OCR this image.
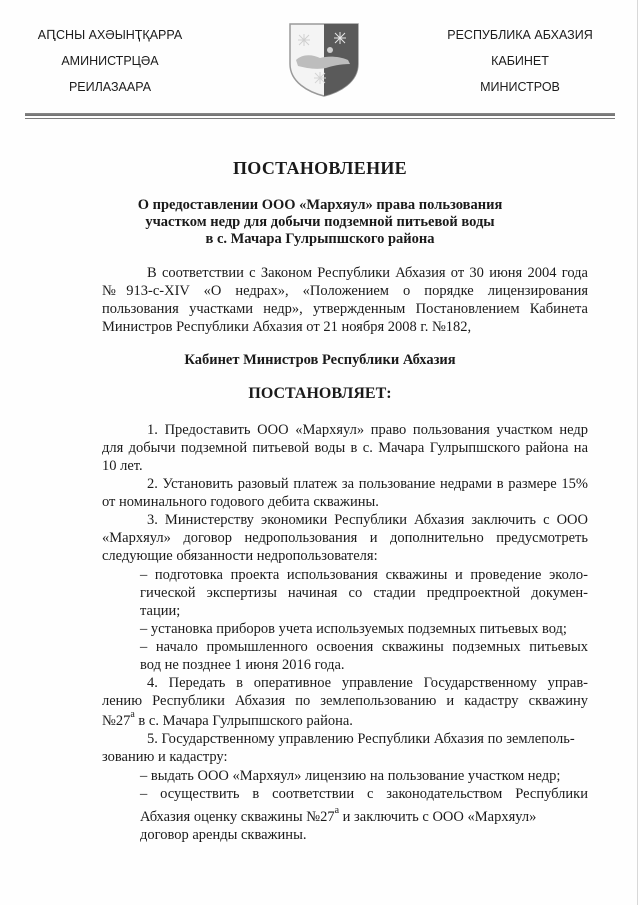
АԤСНЫ АХӘЫНҬҚАРРА
АМИНИСТРЦӘА
РЕИЛАЗААРА
РЕСПУБЛИКА АБХАЗИЯ
КАБИНЕТ
МИНИСТРОВ
ПОСТАНОВЛЕНИЕ
О предоставлении ООО «Мархяул» права пользования
участком недр для добычи подземной питьевой воды
в с. Мачара Гулрыпшского района
В соответствии с Законом Республики Абхазия от 30 июня 2004 года №913-с-XIV «О недрах», «Положением о порядке лицензирования пользования участками недр», утвержденным Постановлением Кабинета Министров Республики Абхазия от 21 ноября 2008 г. №182,
Кабинет Министров Республики Абхазия
ПОСТАНОВЛЯЕТ:
1. Предоставить ООО «Мархяул» право пользования участком недр для добычи подземной питьевой воды в с. Мачара Гулрыпшского района на 10 лет.
2. Установить разовый платеж за пользование недрами в размере 15% от номинального годового дебита скважины.
3. Министерству экономики Республики Абхазия заключить с ООО «Мархяул» договор недропользования и дополнительно предусмотреть следующие обязанности недропользователя:
– подготовка проекта использования скважины и проведение эколо-
гической экспертизы начиная со стадии предпроектной докумен-
тации;
– установка приборов учета используемых подземных питьевых вод;
– начало промышленного освоения скважины подземных питьевых
вод не позднее 1 июня 2016 года.
4. Передать в оперативное управление Государственному управ-
лению Республики Абхазия по землепользованию и кадастру скважину
$№27^а$ в с. Мачара Гулрыпшского района.
5. Государственному управлению Республики Абхазия по землеполь-
зованию и кадастру:
– выдать ООО «Мархяул» лицензию на пользование участком недр;
– осуществить в соответствии с законодательством Республики
Абхазия оценку скважины $№27^а$ и заключить с ООО «Мархяул»
договор аренды скважины.
